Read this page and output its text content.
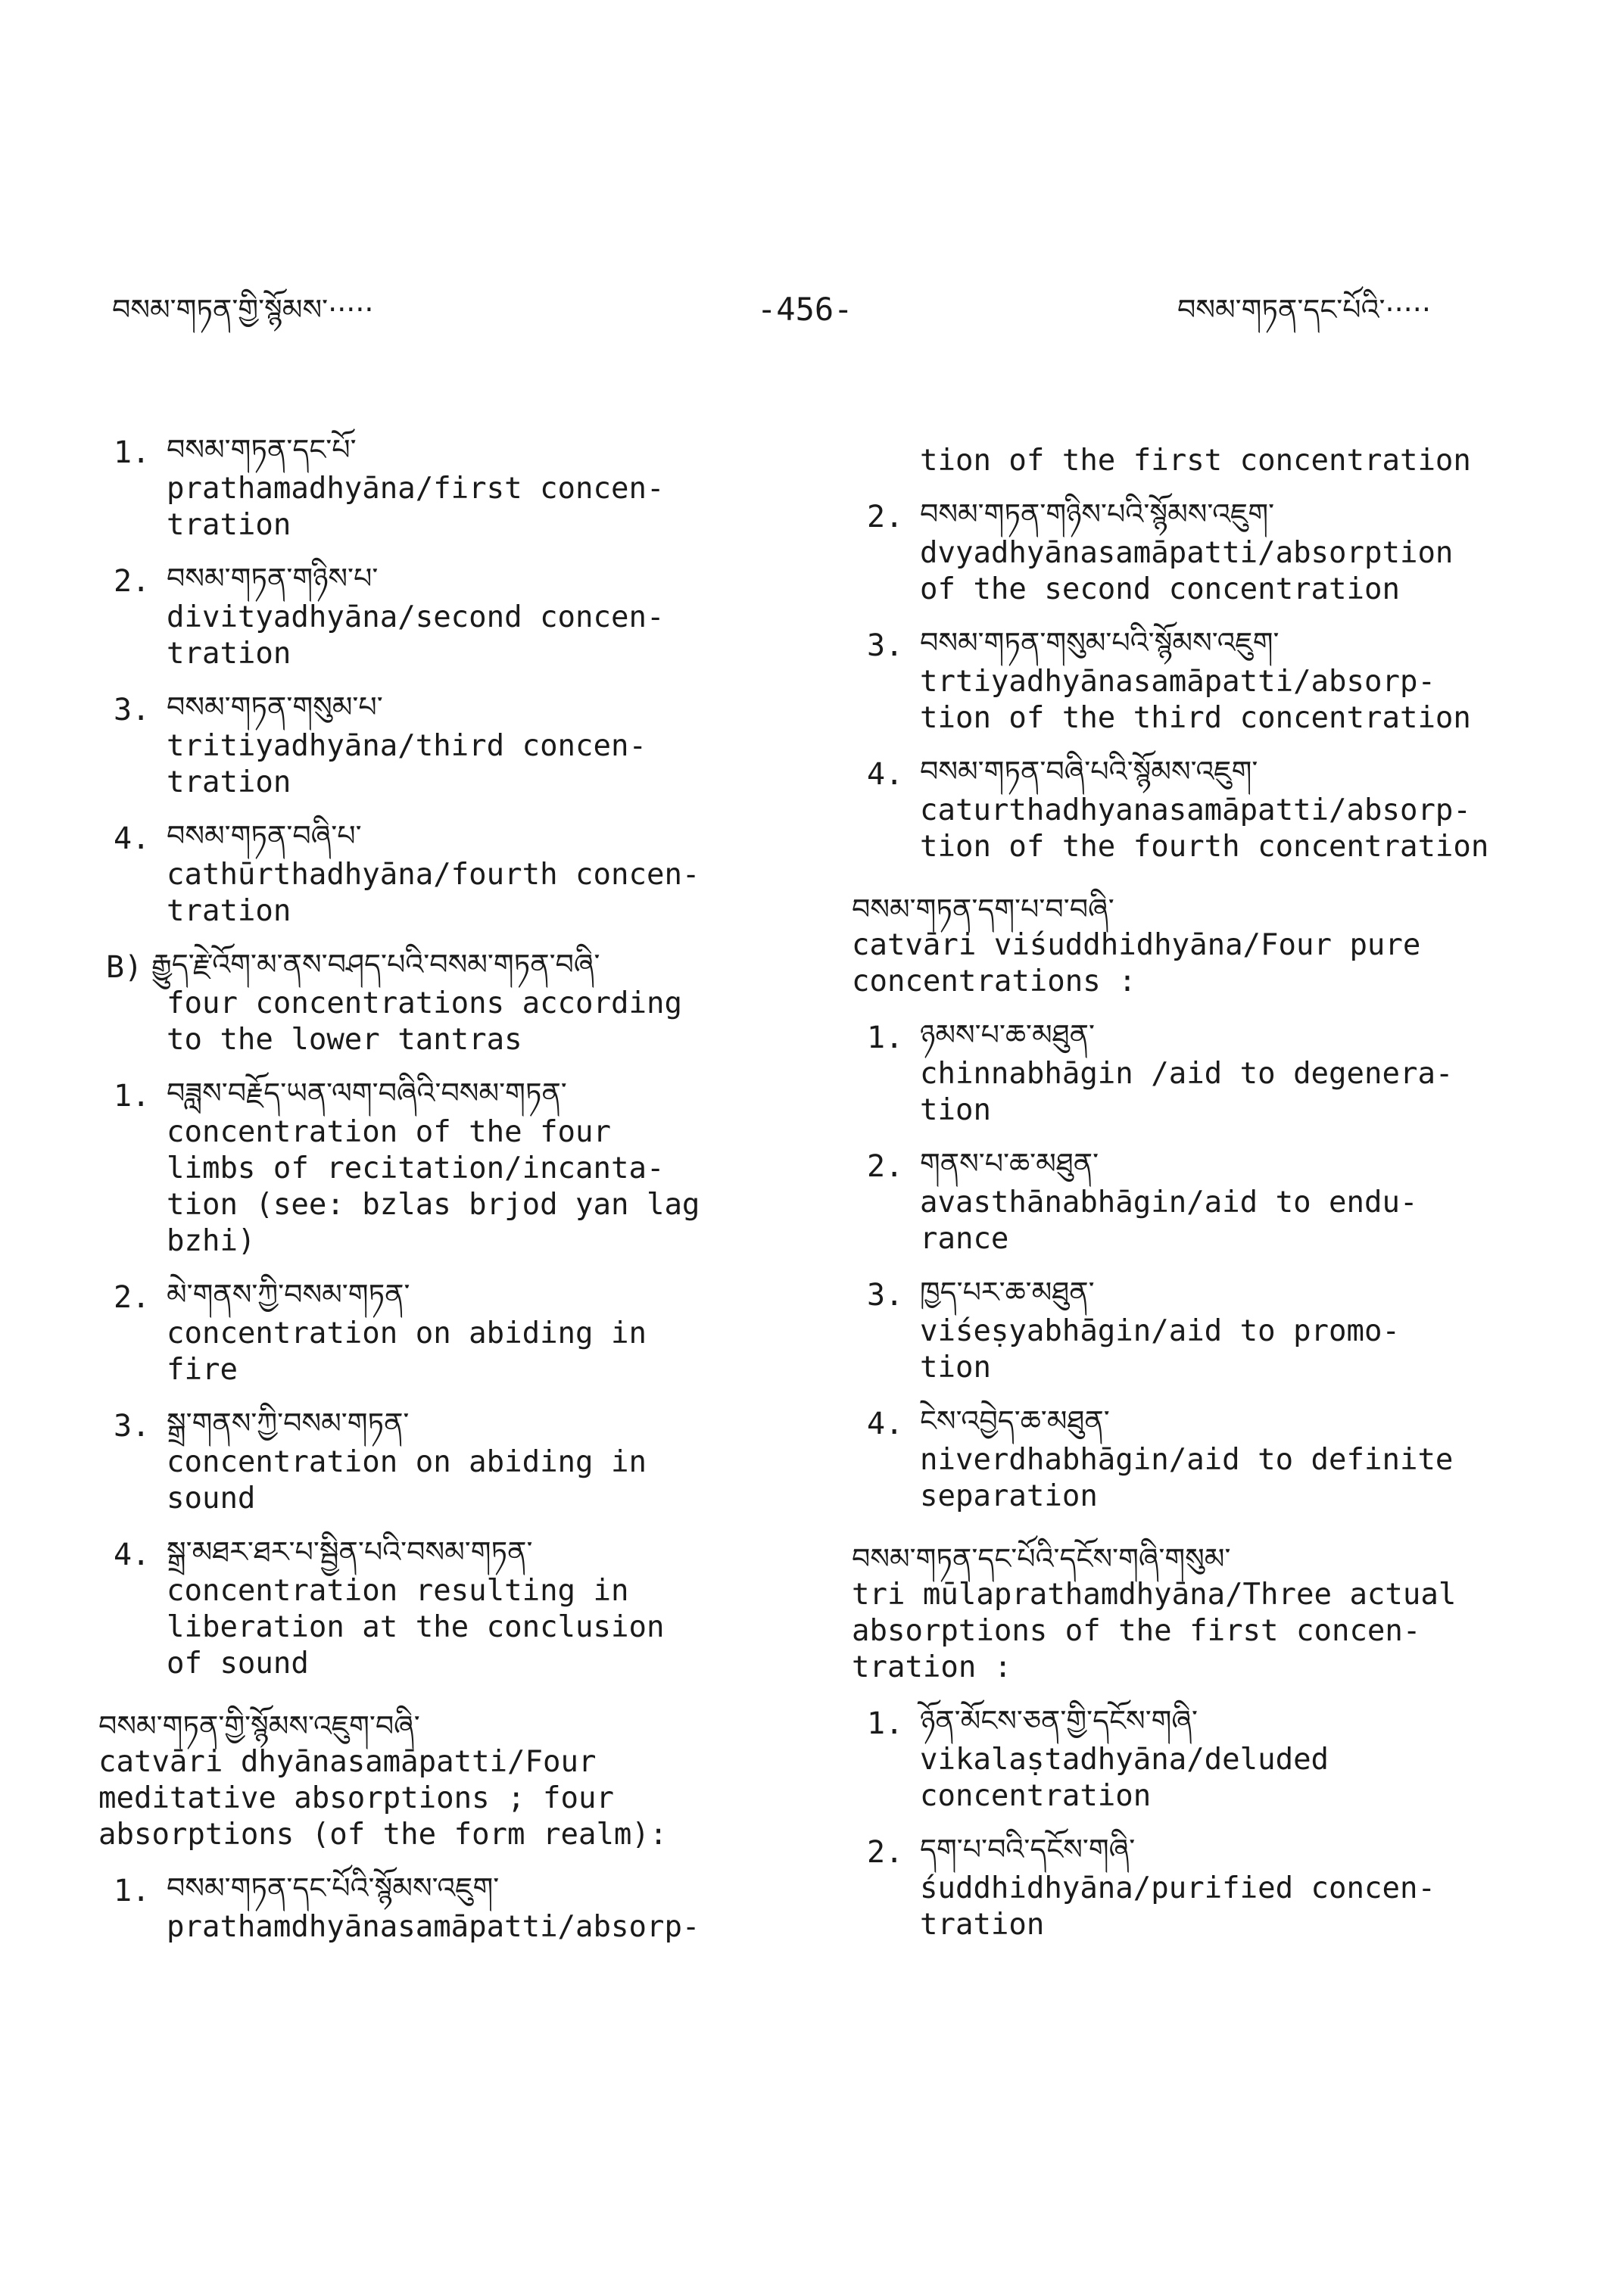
བསམ་གཏན་གྱི་སྙོམས་·····	-456-	བསམ་གཏན་དང་པོའི་·····
1. བསམ་གཏན་དང་པོ་
prathamadhyāna/first concen-
tration
2. བསམ་གཏན་གཉིས་པ་
divityadhyāna/second concen-
tration
3. བསམ་གཏན་གསུམ་པ་
tritiyadhyāna/third concen-
tration
4. བསམ་གཏན་བཞི་པ་
cathūrthadhyāna/fourth concen-
tration
B) རྒྱུད་རྗེ་འོག་མ་ནས་བཤད་པའི་བསམ་གཏན་བཞི་
four concentrations according
to the lower tantras
1. བཟླས་བརྗོད་ཡན་ལག་བཞིའི་བསམ་གཏན་
concentration of the four
limbs of recitation/incanta-
tion (see: bzlas brjod yan lag
bzhi)
2. མེ་གནས་ཀྱི་བསམ་གཏན་
concentration on abiding in
fire
3. སྒྲ་གནས་ཀྱི་བསམ་གཏན་
concentration on abiding in
sound
4. སྒྲ་མཐར་ཐར་པ་སྦྱིན་པའི་བསམ་གཏན་
concentration resulting in
liberation at the conclusion
of sound
བསམ་གཏན་གྱི་སྙོམས་འཇུག་བཞི་
catvāri dhyānasamāpatti/Four
meditative absorptions ; four
absorptions (of the form realm):
1. བསམ་གཏན་དང་པོའི་སྙོམས་འཇུག་
prathamdhyānasamāpatti/absorp-
tion of the first concentration
2. བསམ་གཏན་གཉིས་པའི་སྙོམས་འཇུག་
dvyadhyānasamāpatti/absorption
of the second concentration
3. བསམ་གཏན་གསུམ་པའི་སྙོམས་འཇུག་
trtiyadhyānasamāpatti/absorp-
tion of the third concentration
4. བསམ་གཏན་བཞི་པའི་སྙོམས་འཇུག་
caturthadhyanasamāpatti/absorp-
tion of the fourth concentration
བསམ་གཏན་དག་པ་བ་བཞི་
catvāri viśuddhidhyāna/Four pure
concentrations :
1. ཉམས་པ་ཆ་མཐུན་
chinnabhāgin /aid to degenera-
tion
2. གནས་པ་ཆ་མཐུན་
avasthānabhāgin/aid to endu-
rance
3. ཁྱད་པར་ཆ་མཐུན་
viśeṣyabhāgin/aid to promo-
tion
4. ངེས་འབྱེད་ཆ་མཐུན་
niverdhabhāgin/aid to definite
separation
བསམ་གཏན་དང་པོའི་དངོས་གཞི་གསུམ་
tri mūlaprathamdhyāna/Three actual
absorptions of the first concen-
tration :
1. ཉོན་མོངས་ཅན་གྱི་དངོས་གཞི་
vikalaṣtadhyāna/deluded
concentration
2. དག་པ་བའི་དངོས་གཞི་
śuddhidhyāna/purified concen-
tration
